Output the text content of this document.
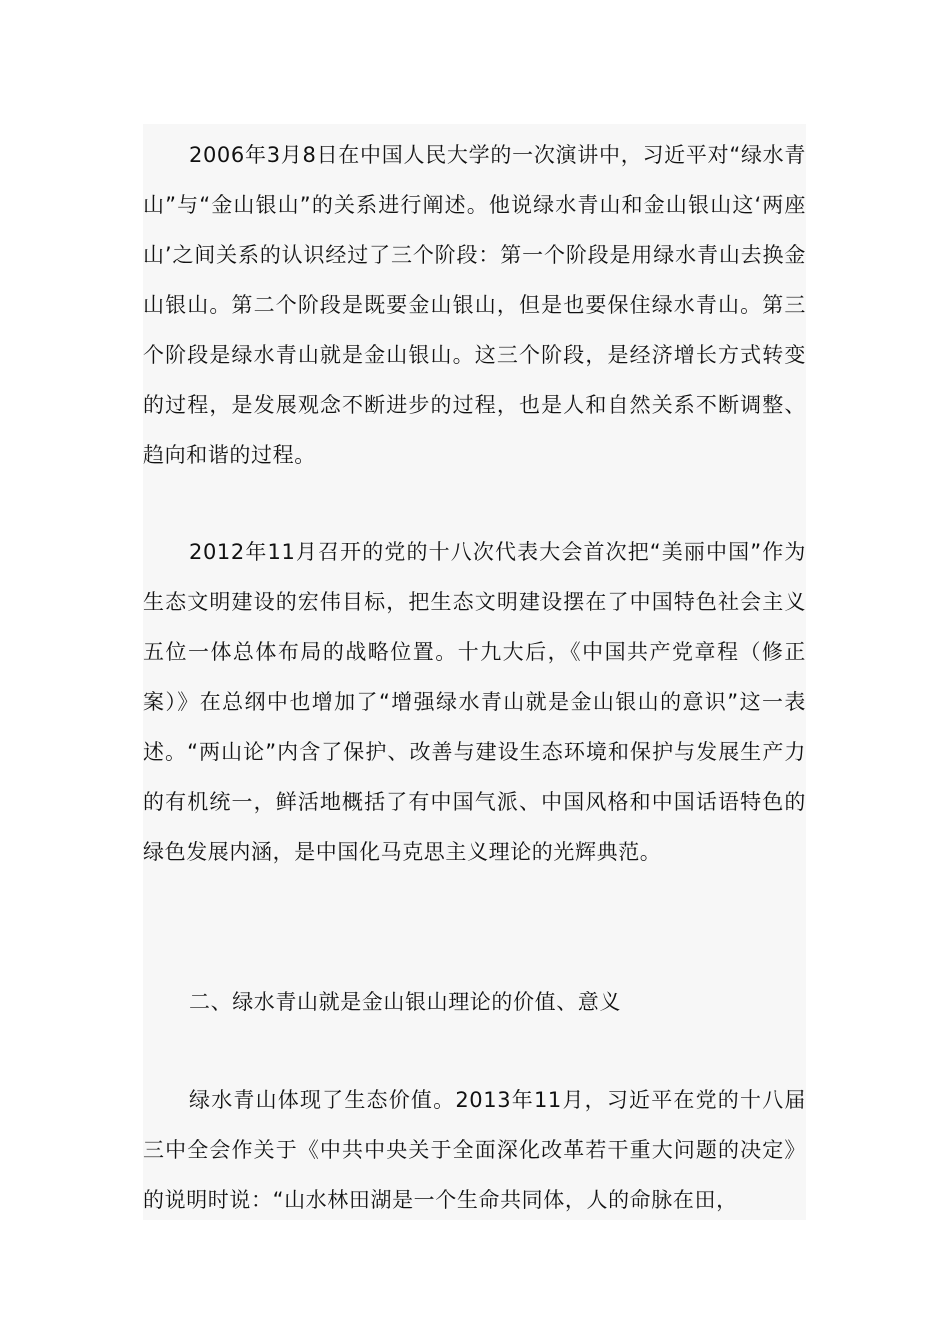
2006年3月8日在中国人民大学的一次演讲中，习近平对“绿水青山”与“金山银山”的关系进行阐述。他说绿水青山和金山银山这‘两座山’之间关系的认识经过了三个阶段：第一个阶段是用绿水青山去换金山银山。第二个阶段是既要金山银山，但是也要保住绿水青山。第三个阶段是绿水青山就是金山银山。这三个阶段，是经济增长方式转变的过程，是发展观念不断进步的过程，也是人和自然关系不断调整、趋向和谐的过程。

2012年11月召开的党的十八次代表大会首次把“美丽中国”作为生态文明建设的宏伟目标，把生态文明建设摆在了中国特色社会主义五位一体总体布局的战略位置。十九大后，《中国共产党章程（修正案）》在总纲中也增加了“增强绿水青山就是金山银山的意识”这一表述。“两山论”内含了保护、改善与建设生态环境和保护与发展生产力的有机统一，鲜活地概括了有中国气派、中国风格和中国话语特色的绿色发展内涵，是中国化马克思主义理论的光辉典范。

二、绿水青山就是金山银山理论的价值、意义

绿水青山体现了生态价值。2013年11月，习近平在党的十八届三中全会作关于《中共中央关于全面深化改革若干重大问题的决定》的说明时说：“山水林田湖是一个生命共同体，人的命脉在田，
